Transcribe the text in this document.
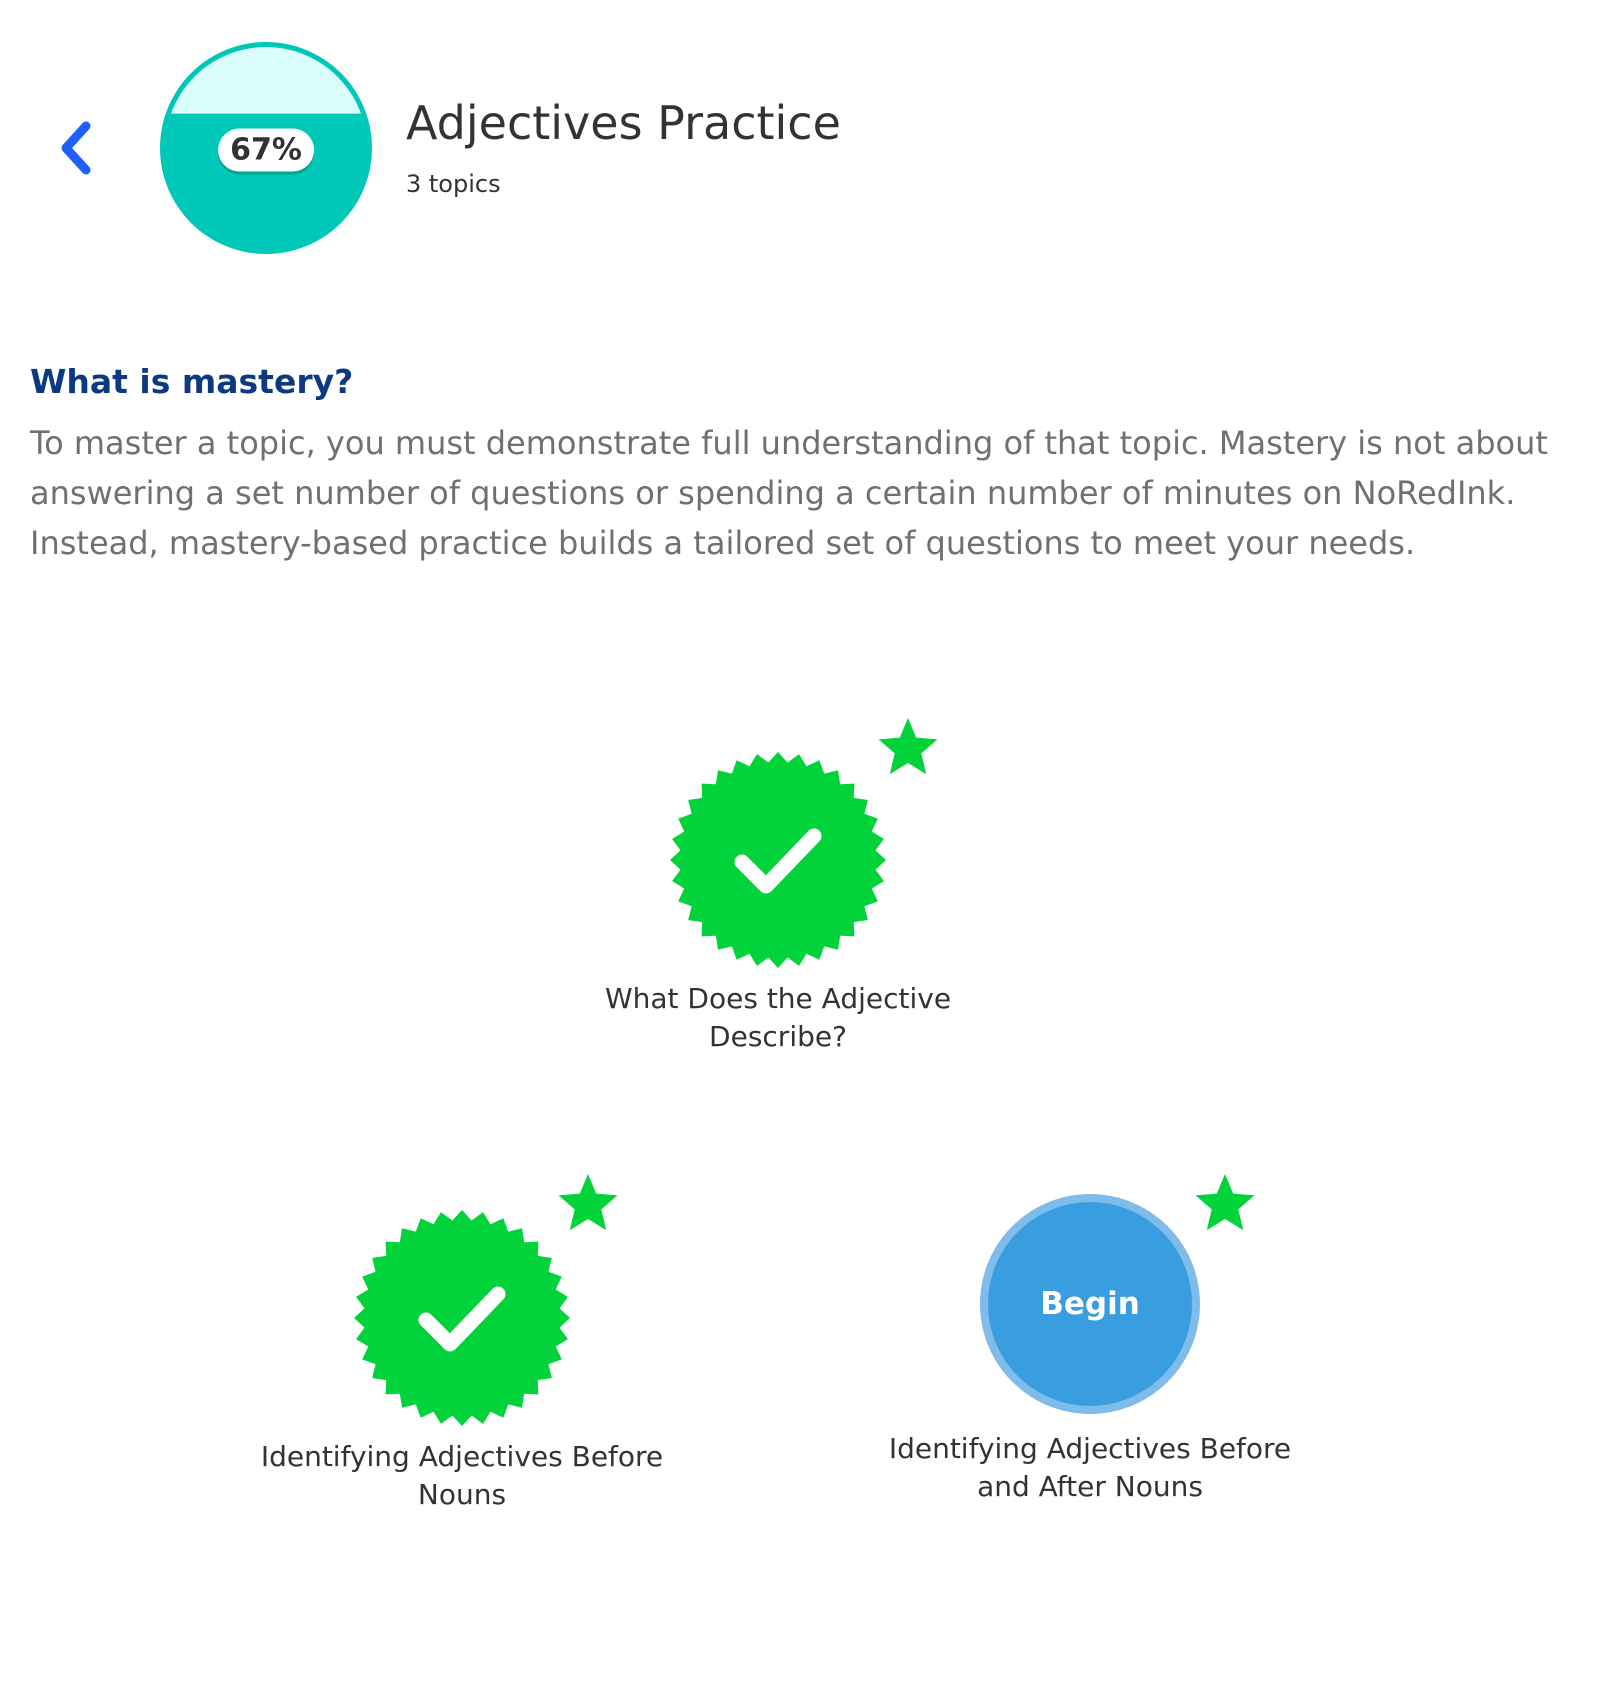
67% Adjectives Practice
3 topics
What is mastery?
To master a topic, you must demonstrate full understanding of that topic. Mastery is not about answering a set number of questions or spending a certain number of minutes on NoRedInk. Instead, mastery-based practice builds a tailored set of questions to meet your needs.
What Does the Adjective Describe?
Identifying Adjectives Before Nouns
Begin
Identifying Adjectives Before and After Nouns
